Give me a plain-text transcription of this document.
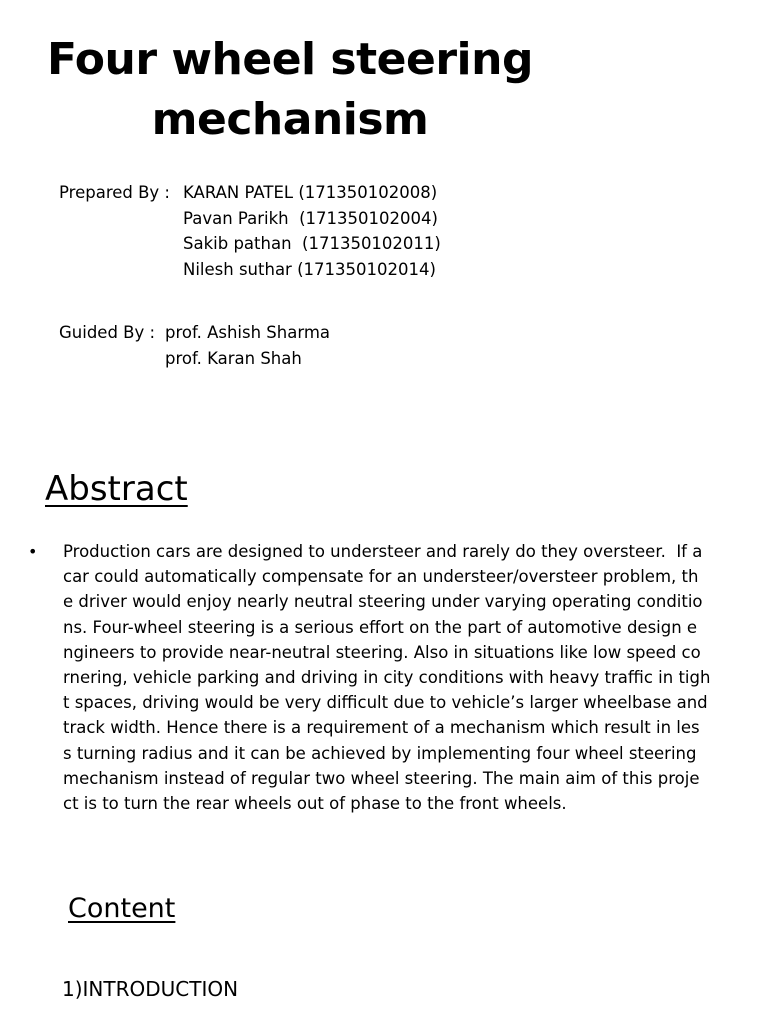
Four wheel steering
mechanism
Prepared By : KARAN PATEL (171350102008)
Pavan Parikh  (171350102004)
Sakib pathan  (171350102011)
Nilesh suthar (171350102014)
Guided By : prof. Ashish Sharma
prof. Karan Shah
Abstract
• Production cars are designed to understeer and rarely do they oversteer.  If a
car could automatically compensate for an understeer/oversteer problem, th
e driver would enjoy nearly neutral steering under varying operating conditio
ns. Four-wheel steering is a serious effort on the part of automotive design e
ngineers to provide near-neutral steering. Also in situations like low speed co
rnering, vehicle parking and driving in city conditions with heavy traffic in tigh
t spaces, driving would be very difficult due to vehicle’s larger wheelbase and
track width. Hence there is a requirement of a mechanism which result in les
s turning radius and it can be achieved by implementing four wheel steering
mechanism instead of regular two wheel steering. The main aim of this proje
ct is to turn the rear wheels out of phase to the front wheels.
Content
1)INTRODUCTION
